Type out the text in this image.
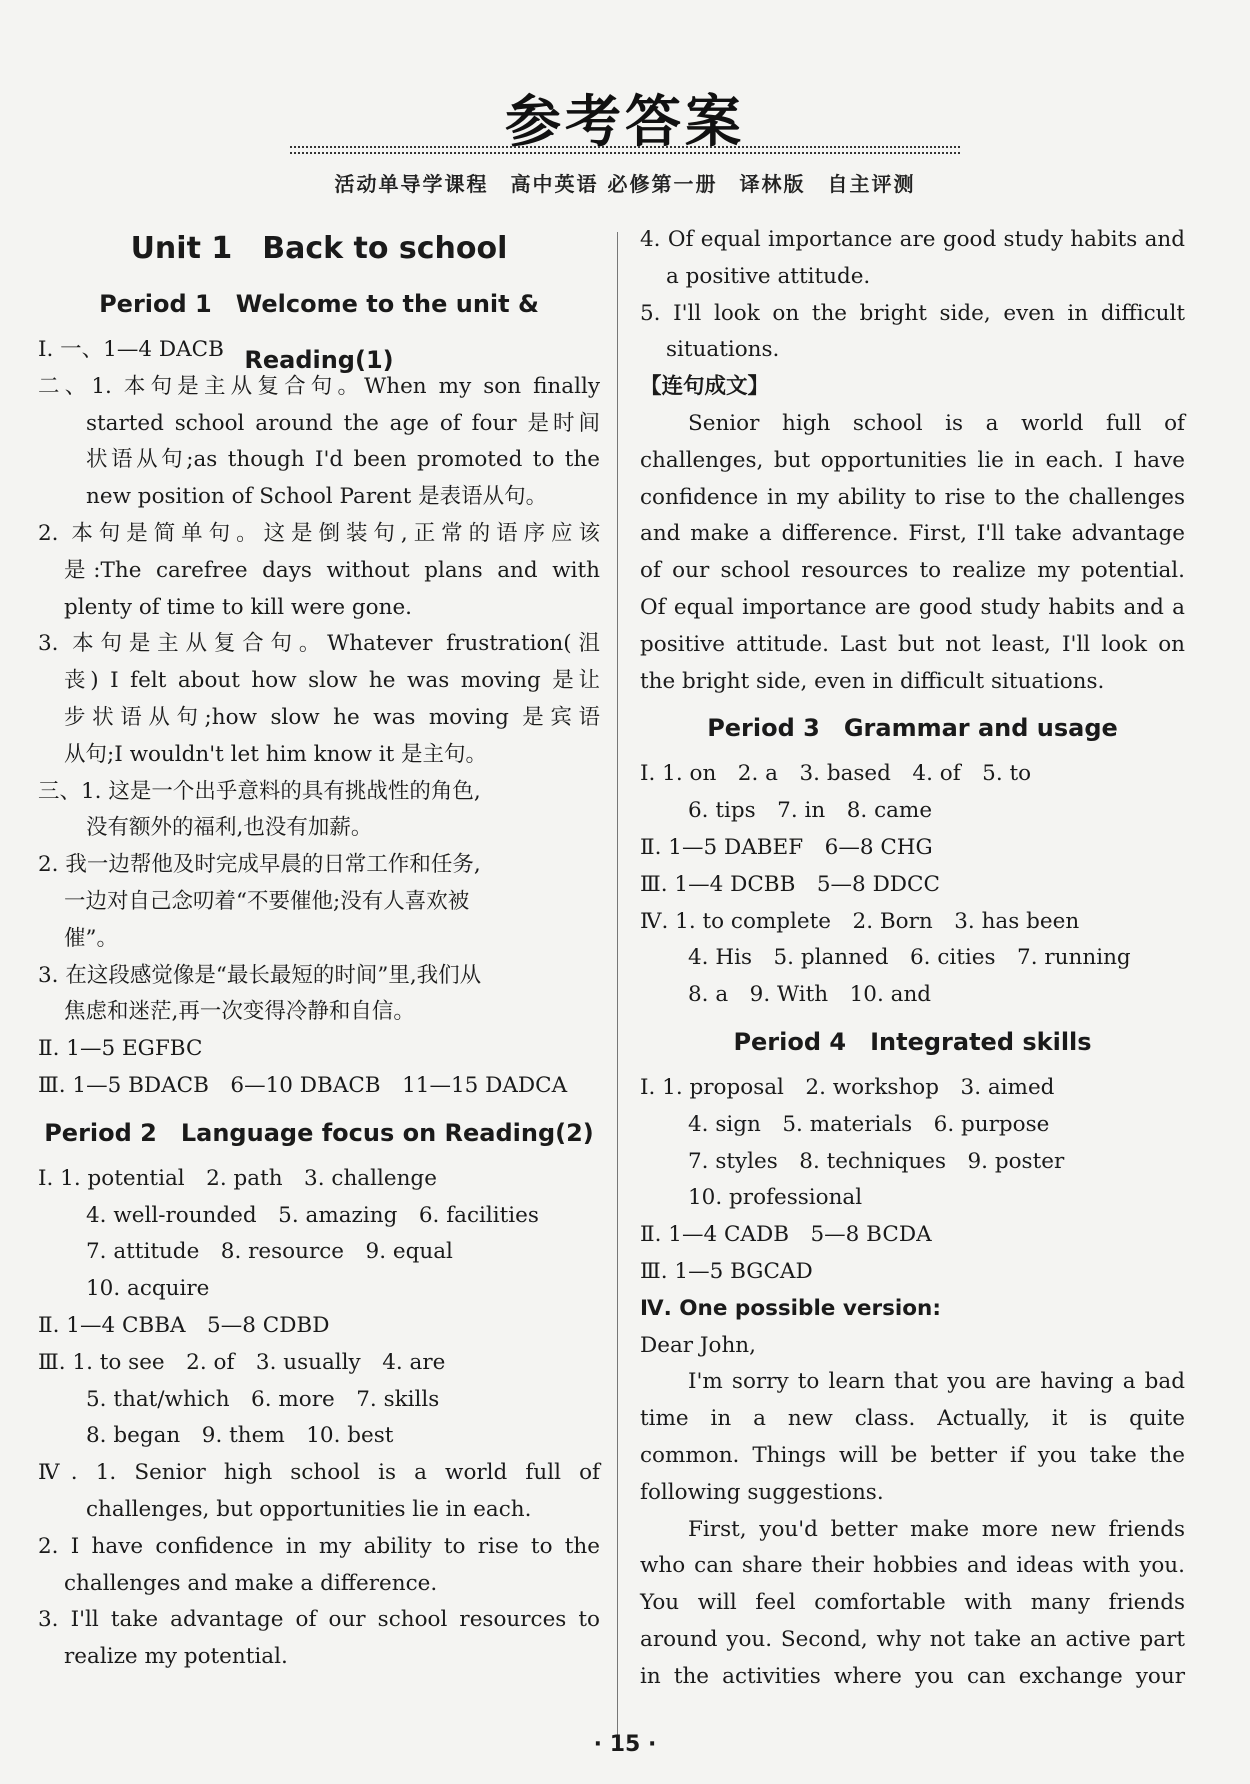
参考答案
活动单导学课程　高中英语 必修第一册　译林版　自主评测
Unit 1　Back to school
Period 1　Welcome to the unit & Reading(1)
Ⅰ. 一、1—4 DACB
二、1. 本句是主从复合句。When my son finally
started school around the age of four 是时间
状语从句;as though I'd been promoted to the
new position of School Parent 是表语从句。
2. 本句是简单句。这是倒装句,正常的语序应该
是:The carefree days without plans and with
plenty of time to kill were gone.
3. 本句是主从复合句。Whatever frustration(沮
丧) I felt about how slow he was moving 是让
步状语从句;how slow he was moving 是宾语
从句;I wouldn't let him know it 是主句。
三、1. 这是一个出乎意料的具有挑战性的角色,
没有额外的福利,也没有加薪。
2. 我一边帮他及时完成早晨的日常工作和任务,
一边对自己念叨着“不要催他;没有人喜欢被
催”。
3. 在这段感觉像是“最长最短的时间”里,我们从
焦虑和迷茫,再一次变得冷静和自信。
Ⅱ. 1—5 EGFBC
Ⅲ. 1—5 BDACB　6—10 DBACB　11—15 DADCA
Period 2　Language focus on Reading(2)
Ⅰ. 1. potential　2. path　3. challenge
4. well-rounded　5. amazing　6. facilities
7. attitude　8. resource　9. equal
10. acquire
Ⅱ. 1—4 CBBA　5—8 CDBD
Ⅲ. 1. to see　2. of　3. usually　4. are
5. that/which　6. more　7. skills
8. began　9. them　10. best
Ⅳ. 1. Senior high school is a world full of
challenges, but opportunities lie in each.
2. I have confidence in my ability to rise to the
challenges and make a difference.
3. I'll take advantage of our school resources to
realize my potential.
4. Of equal importance are good study habits and
a positive attitude.
5. I'll look on the bright side, even in difficult
situations.
【连句成文】
Senior high school is a world full of
challenges, but opportunities lie in each. I have
confidence in my ability to rise to the challenges
and make a difference. First, I'll take advantage
of our school resources to realize my potential.
Of equal importance are good study habits and a
positive attitude. Last but not least, I'll look on
the bright side, even in difficult situations.
Period 3　Grammar and usage
Ⅰ. 1. on　2. a　3. based　4. of　5. to
6. tips　7. in　8. came
Ⅱ. 1—5 DABEF　6—8 CHG
Ⅲ. 1—4 DCBB　5—8 DDCC
Ⅳ. 1. to complete　2. Born　3. has been
4. His　5. planned　6. cities　7. running
8. a　9. With　10. and
Period 4　Integrated skills
Ⅰ. 1. proposal　2. workshop　3. aimed
4. sign　5. materials　6. purpose
7. styles　8. techniques　9. poster
10. professional
Ⅱ. 1—4 CADB　5—8 BCDA
Ⅲ. 1—5 BGCAD
Ⅳ. One possible version:
Dear John,
I'm sorry to learn that you are having a bad
time in a new class. Actually, it is quite
common. Things will be better if you take the
following suggestions.
First, you'd better make more new friends
who can share their hobbies and ideas with you.
You will feel comfortable with many friends
around you. Second, why not take an active part
in the activities where you can exchange your
· 15 ·
